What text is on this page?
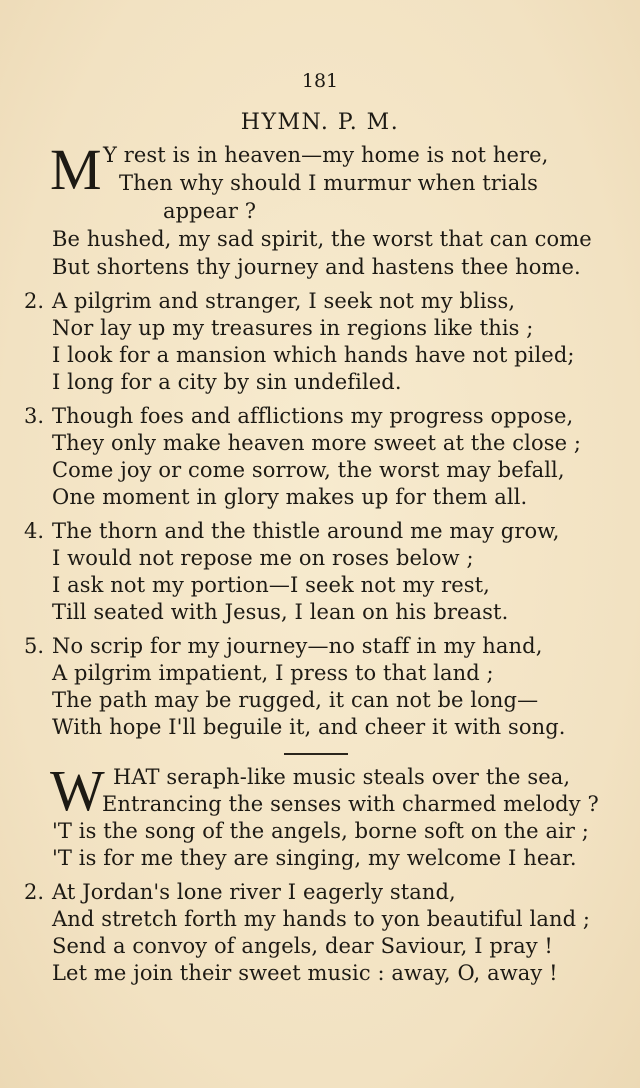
181
HYMN. P. M.
M Y rest is in heaven—my home is not here,
Then why should I murmur when trials
appear ?
Be hushed, my sad spirit, the worst that can come
But shortens thy journey and hastens thee home.
2. A pilgrim and stranger, I seek not my bliss,
Nor lay up my treasures in regions like this ;
I look for a mansion which hands have not piled;
I long for a city by sin undefiled.
3. Though foes and afflictions my progress oppose,
They only make heaven more sweet at the close ;
Come joy or come sorrow, the worst may befall,
One moment in glory makes up for them all.
4. The thorn and the thistle around me may grow,
I would not repose me on roses below ;
I ask not my portion—I seek not my rest,
Till seated with Jesus, I lean on his breast.
5. No scrip for my journey—no staff in my hand,
A pilgrim impatient, I press to that land ;
The path may be rugged, it can not be long—
With hope I'll beguile it, and cheer it with song.
W HAT seraph-like music steals over the sea,
Entrancing the senses with charmed melody ?
'T is the song of the angels, borne soft on the air ;
'T is for me they are singing, my welcome I hear.
2. At Jordan's lone river I eagerly stand,
And stretch forth my hands to yon beautiful land ;
Send a convoy of angels, dear Saviour, I pray !
Let me join their sweet music : away, O, away !
